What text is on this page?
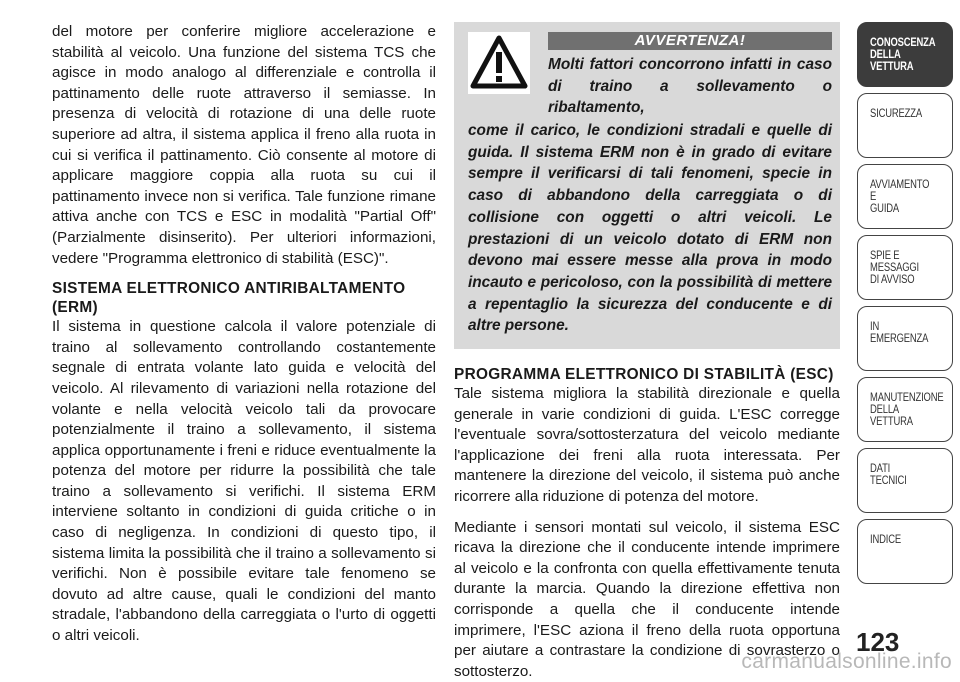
del motore per conferire migliore accelerazione e stabilità al veicolo. Una funzione del sistema TCS che agisce in modo analogo al differenziale e controlla il pattinamento delle ruote attraverso il semiasse. In presenza di velocità di rotazione di una delle ruote superiore ad altra, il sistema applica il freno alla ruota in cui si verifica il pattinamento. Ciò consente al motore di applicare maggiore coppia alla ruota su cui il pattinamento invece non si verifica. Tale funzione rimane attiva anche con TCS e ESC in modalità "Partial Off" (Parzialmente disinserito). Per ulteriori informazioni, vedere "Programma elettronico di stabilità (ESC)".

SISTEMA ELETTRONICO ANTIRIBALTAMENTO (ERM)

Il sistema in questione calcola il valore potenziale di traino al sollevamento controllando costantemente segnale di entrata volante lato guida e velocità del veicolo. Al rilevamento di variazioni nella rotazione del volante e nella velocità veicolo tali da provocare potenzialmente il traino a sollevamento, il sistema applica opportunamente i freni e riduce eventualmente la potenza del motore per ridurre la possibilità che tale traino a sollevamento si verifichi. Il sistema ERM interviene soltanto in condizioni di guida critiche o in caso di negligenza. In condizioni di questo tipo, il sistema limita la possibilità che il traino a sollevamento si verifichi. Non è possibile evitare tale fenomeno se dovuto ad altre cause, quali le condizioni del manto stradale, l'abbandono della carreggiata o l'urto di oggetti o altri veicoli.

AVVERTENZA!
Molti fattori concorrono infatti in caso di traino a sollevamento o ribaltamento,
come il carico, le condizioni stradali e quelle di guida. Il sistema ERM non è in grado di evitare sempre il verificarsi di tali fenomeni, specie in caso di abbandono della carreggiata o di collisione con oggetti o altri veicoli. Le prestazioni di un veicolo dotato di ERM non devono mai essere messe alla prova in modo incauto e pericoloso, con la possibilità di mettere a repentaglio la sicurezza del conducente e di altre persone.
PROGRAMMA ELETTRONICO DI STABILITÀ (ESC)

Tale sistema migliora la stabilità direzionale e quella generale in varie condizioni di guida. L'ESC corregge l'eventuale sovra/sottosterzatura del veicolo mediante l'applicazione dei freni alla ruota interessata. Per mantenere la direzione del veicolo, il sistema può anche ricorrere alla riduzione di potenza del motore.

Mediante i sensori montati sul veicolo, il sistema ESC ricava la direzione che il conducente intende imprimere al veicolo e la confronta con quella effettivamente tenuta durante la marcia. Quando la direzione effettiva non corrisponde a quella che il conducente intende imprimere, l'ESC aziona il freno della ruota opportuna per aiutare a contrastare la condizione di sovrasterzo o sottosterzo.

CONOSCENZA
DELLA
VETTURA
SICUREZZA
AVVIAMENTO
E
GUIDA
SPIE E
MESSAGGI
DI AVVISO
IN
EMERGENZA
MANUTENZIONE
DELLA
VETTURA
DATI
TECNICI
INDICE
123
carmanualsonline.info
